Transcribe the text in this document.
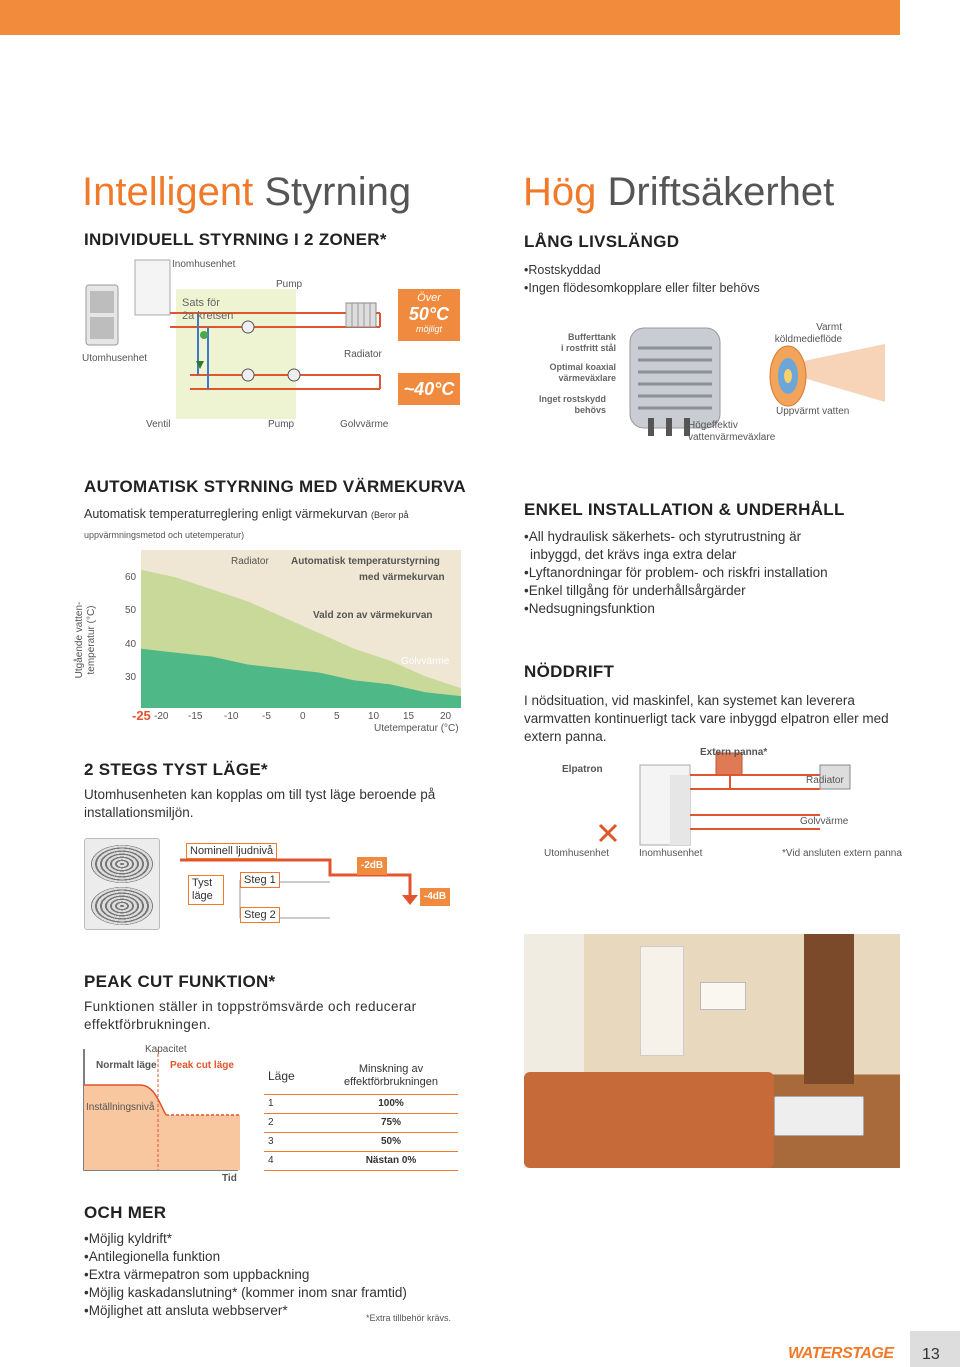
Intelligent Styrning	Hög Driftsäkerhet
INDIVIDUELL STYRNING I 2 ZONER*
Inomhusenhet
Pump
Sats för
2a kretsen
Utomhusenhet	Radiator
Över
50°C
möjligt
~40°C
Ventil	Pump	Golvvärme
LÅNG LIVSLÄNGD
• Rostskyddad
• Ingen flödesomkopplare eller filter behövs
Bufferttank
i rostfritt stål
Optimal koaxial
värmeväxlare
Inget rostskydd
behövs
Varmt
köldmedieflöde
Högeffektiv
vattenvärmeväxlare
Uppvärmt vatten
AUTOMATISK STYRNING MED VÄRMEKURVA
Automatisk temperaturreglering enligt värmekurvan (Beror på
uppvärmningsmetod och utetemperatur)
Utgående vatten-
temperatur (°C)
60
50
40
30
-25 -20 -15 -10 -5	0	5	10 15	20
Utetemperatur (°C)
Radiator Automatisk temperaturstyrning
med värmekurvan
Vald zon av värmekurvan
Golvvärme
2 STEGS TYST LÄGE*
Utomhusenheten kan kopplas om till tyst läge beroende på installationsmiljön.
Nominell ljudnivå
Tyst
läge
Steg 1
Steg 2
-2dB
-4dB
ENKEL INSTALLATION & UNDERHÅLL
•All hydraulisk säkerhets- och styrutrustning är
inbyggd, det krävs inga extra delar
•Lyftanordningar för problem- och riskfri installation
•Enkel tillgång för underhållsårgärder
•Nedsugningsfunktion
NÖDDRIFT
I nödsituation, vid maskinfel, kan systemet kan leverera varmvatten kontinuerligt tack vare inbyggd elpatron eller med extern panna.
Extern panna*
Elpatron
Radiator
Golvvärme
Utomhusenhet	Inomhusenhet	*Vid ansluten extern panna
PEAK CUT FUNKTION*
Funktionen ställer in toppströmsvärde och reducerar effektförbrukningen.
Kapacitet
Normalt läge Peak cut läge
Inställningsnivå
Tid
Läge	Minskning av
effektförbrukningen
1	100%
2	75%
3	50%
4	Nästan 0%
OCH MER
•Möjlig kyldrift*
•Antilegionella funktion
•Extra värmepatron som uppbackning
•Möjlig kaskadanslutning* (kommer inom snar framtid)
•Möjlighet att ansluta webbserver*	*Extra tillbehör krävs.
WATERSTAGE 13
